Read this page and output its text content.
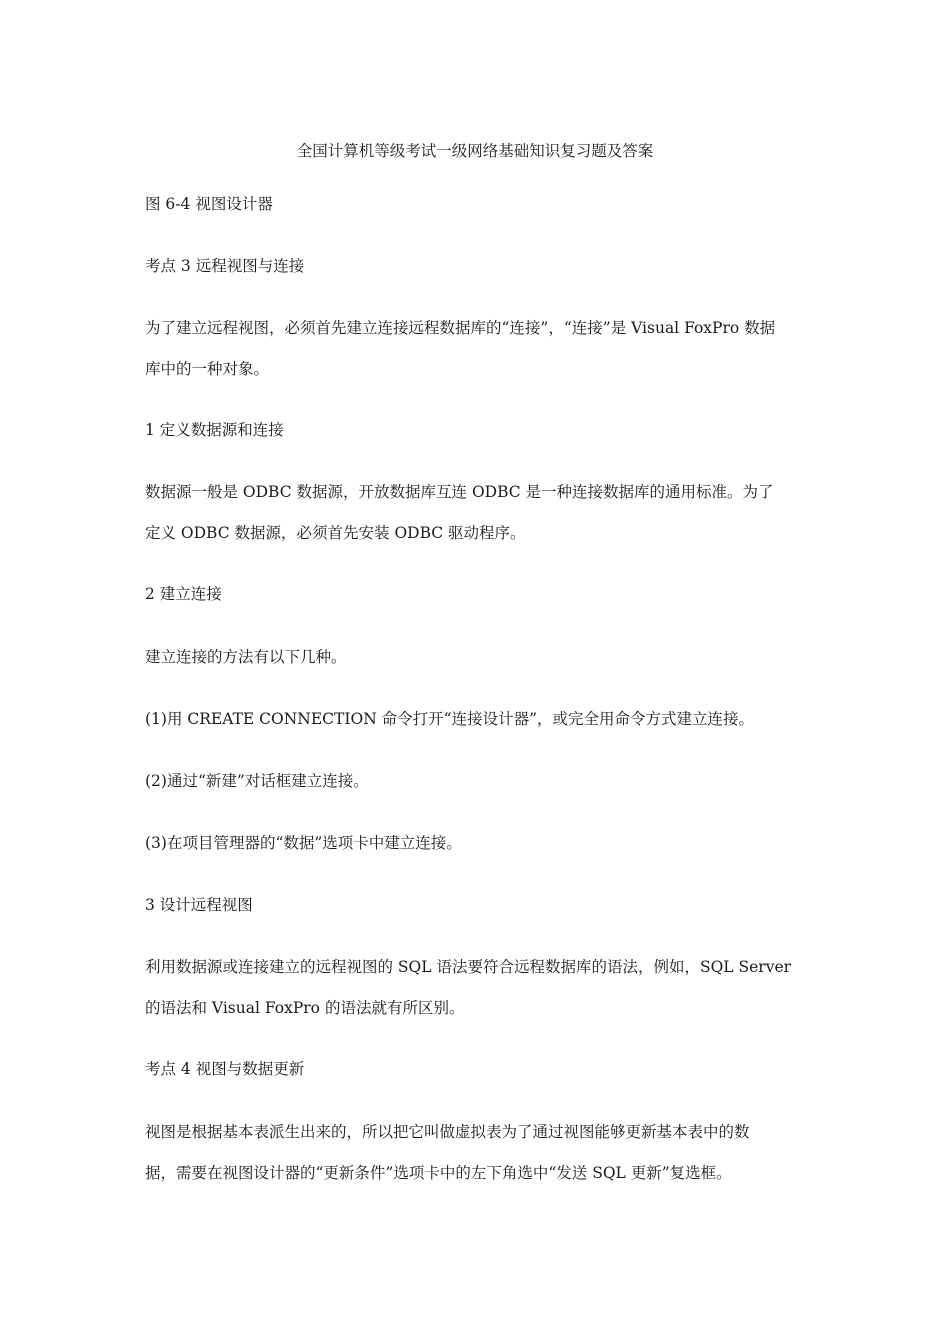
全国计算机等级考试一级网络基础知识复习题及答案
图 6-4 视图设计器
考点 3 远程视图与连接
为了建立远程视图，必须首先建立连接远程数据库的“连接”，“连接”是 Visual FoxPro 数据
库中的一种对象。
1 定义数据源和连接
数据源一般是 ODBC 数据源，开放数据库互连 ODBC 是一种连接数据库的通用标准。为了
定义 ODBC 数据源，必须首先安装 ODBC 驱动程序。
2 建立连接
建立连接的方法有以下几种。
(1)用 CREATE CONNECTION 命令打开“连接设计器”，或完全用命令方式建立连接。
(2)通过“新建”对话框建立连接。
(3)在项目管理器的“数据”选项卡中建立连接。
3 设计远程视图
利用数据源或连接建立的远程视图的 SQL 语法要符合远程数据库的语法，例如，SQL Server
的语法和 Visual FoxPro 的语法就有所区别。
考点 4 视图与数据更新
视图是根据基本表派生出来的，所以把它叫做虚拟表为了通过视图能够更新基本表中的数
据，需要在视图设计器的“更新条件”选项卡中的左下角选中“发送 SQL 更新”复选框。
